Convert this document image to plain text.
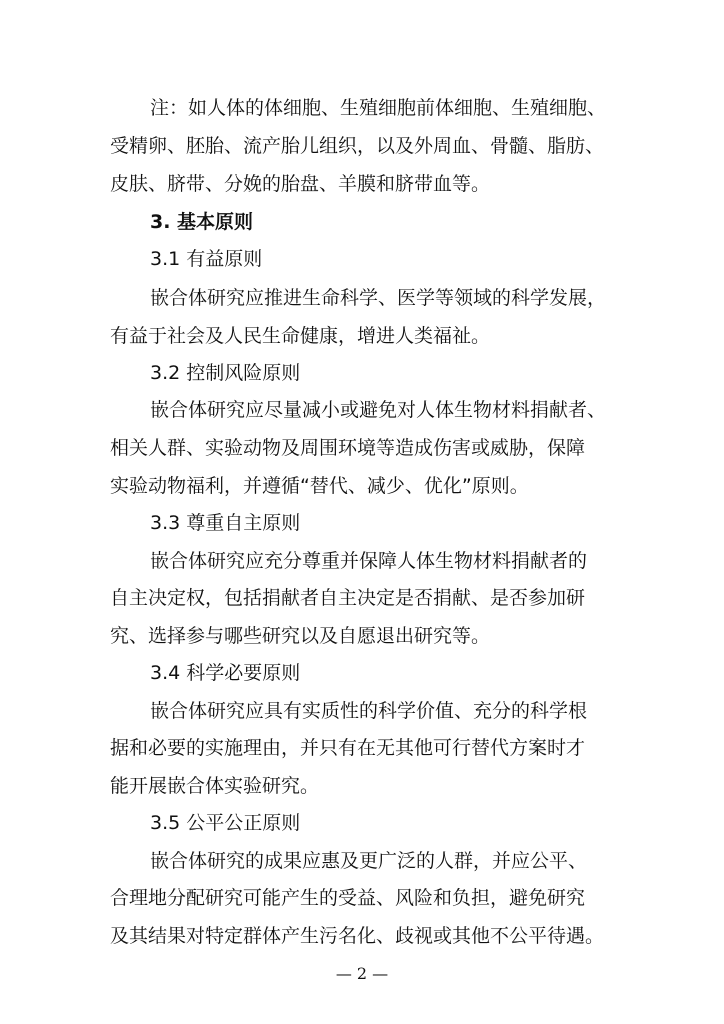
注：如人体的体细胞、生殖细胞前体细胞、生殖细胞、
受精卵、胚胎、流产胎儿组织，以及外周血、骨髓、脂肪、
皮肤、脐带、分娩的胎盘、羊膜和脐带血等。
3. 基本原则
3.1 有益原则
嵌合体研究应推进生命科学、医学等领域的科学发展，
有益于社会及人民生命健康，增进人类福祉。
3.2 控制风险原则
嵌合体研究应尽量减小或避免对人体生物材料捐献者、
相关人群、实验动物及周围环境等造成伤害或威胁，保障
实验动物福利，并遵循“替代、减少、优化”原则。
3.3 尊重自主原则
嵌合体研究应充分尊重并保障人体生物材料捐献者的
自主决定权，包括捐献者自主决定是否捐献、是否参加研
究、选择参与哪些研究以及自愿退出研究等。
3.4 科学必要原则
嵌合体研究应具有实质性的科学价值、充分的科学根
据和必要的实施理由，并只有在无其他可行替代方案时才
能开展嵌合体实验研究。
3.5 公平公正原则
嵌合体研究的成果应惠及更广泛的人群，并应公平、
合理地分配研究可能产生的受益、风险和负担，避免研究
及其结果对特定群体产生污名化、歧视或其他不公平待遇。
— 2 —
